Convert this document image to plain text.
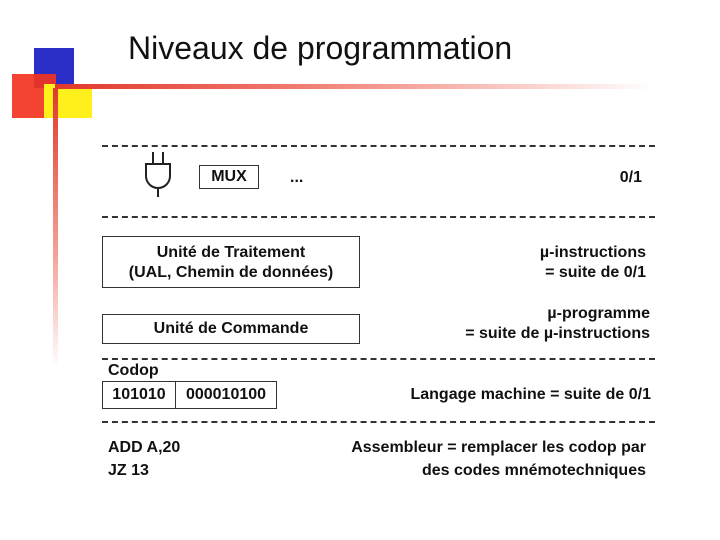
Niveaux de programmation
MUX	...	0/1
Unité de Traitement
(UAL, Chemin de données)
µ-instructions
= suite de 0/1
µ-programme
= suite de µ-instructions
Unité de Commande
Codop
101010	000010100	Langage machine = suite de 0/1
ADD A,20
JZ 13
Assembleur = remplacer les codop par
des codes mnémotechniques
